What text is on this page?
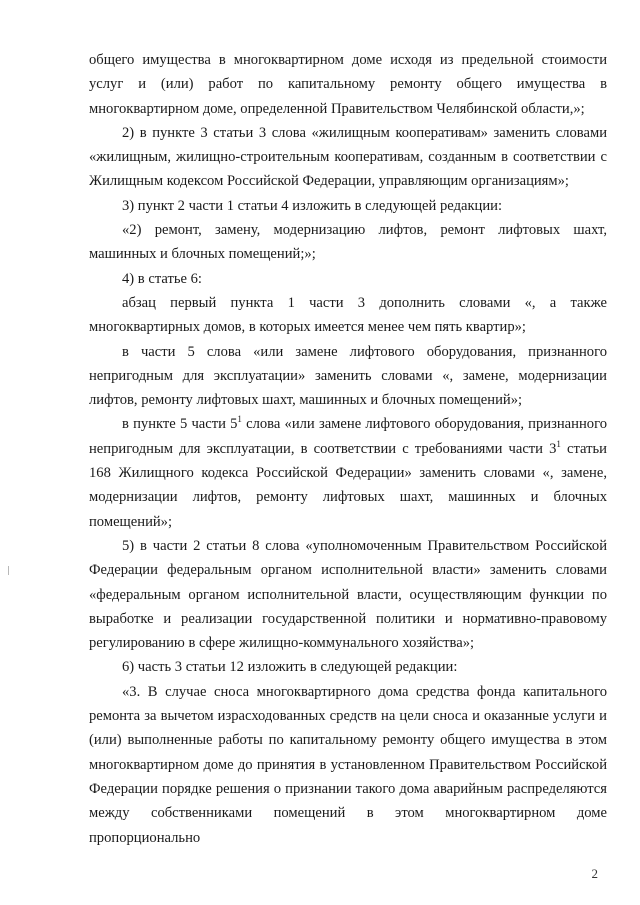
общего имущества в многоквартирном доме исходя из предельной стоимости услуг и (или) работ по капитальному ремонту общего имущества в многоквартирном доме, определенной Правительством Челябинской области,»;

2) в пункте 3 статьи 3 слова «жилищным кооперативам» заменить словами «жилищным, жилищно-строительным кооперативам, созданным в соответствии с Жилищным кодексом Российской Федерации, управляющим организациям»;

3) пункт 2 части 1 статьи 4 изложить в следующей редакции:

«2) ремонт, замену, модернизацию лифтов, ремонт лифтовых шахт, машинных и блочных помещений;»;

4) в статье 6:

абзац первый пункта 1 части 3 дополнить словами «, а также многоквартирных домов, в которых имеется менее чем пять квартир»;

в части 5 слова «или замене лифтового оборудования, признанного непригодным для эксплуатации» заменить словами «, замене, модернизации лифтов, ремонту лифтовых шахт, машинных и блочных помещений»;

в пункте 5 части $5^1$ слова «или замене лифтового оборудования, признанного непригодным для эксплуатации, в соответствии с требованиями части $3^1$ статьи 168 Жилищного кодекса Российской Федерации» заменить словами «, замене, модернизации лифтов, ремонту лифтовых шахт, машинных и блочных помещений»;

5) в части 2 статьи 8 слова «уполномоченным Правительством Российской Федерации федеральным органом исполнительной власти» заменить словами «федеральным органом исполнительной власти, осуществляющим функции по выработке и реализации государственной политики и нормативно-правовому регулированию в сфере жилищно-коммунального хозяйства»;

6) часть 3 статьи 12 изложить в следующей редакции:

«3. В случае сноса многоквартирного дома средства фонда капитального ремонта за вычетом израсходованных средств на цели сноса и оказанные услуги и (или) выполненные работы по капитальному ремонту общего имущества в этом многоквартирном доме до принятия в установленном Правительством Российской Федерации порядке решения о признании такого дома аварийным распределяются между собственниками помещений в этом многоквартирном доме пропорционально

2
